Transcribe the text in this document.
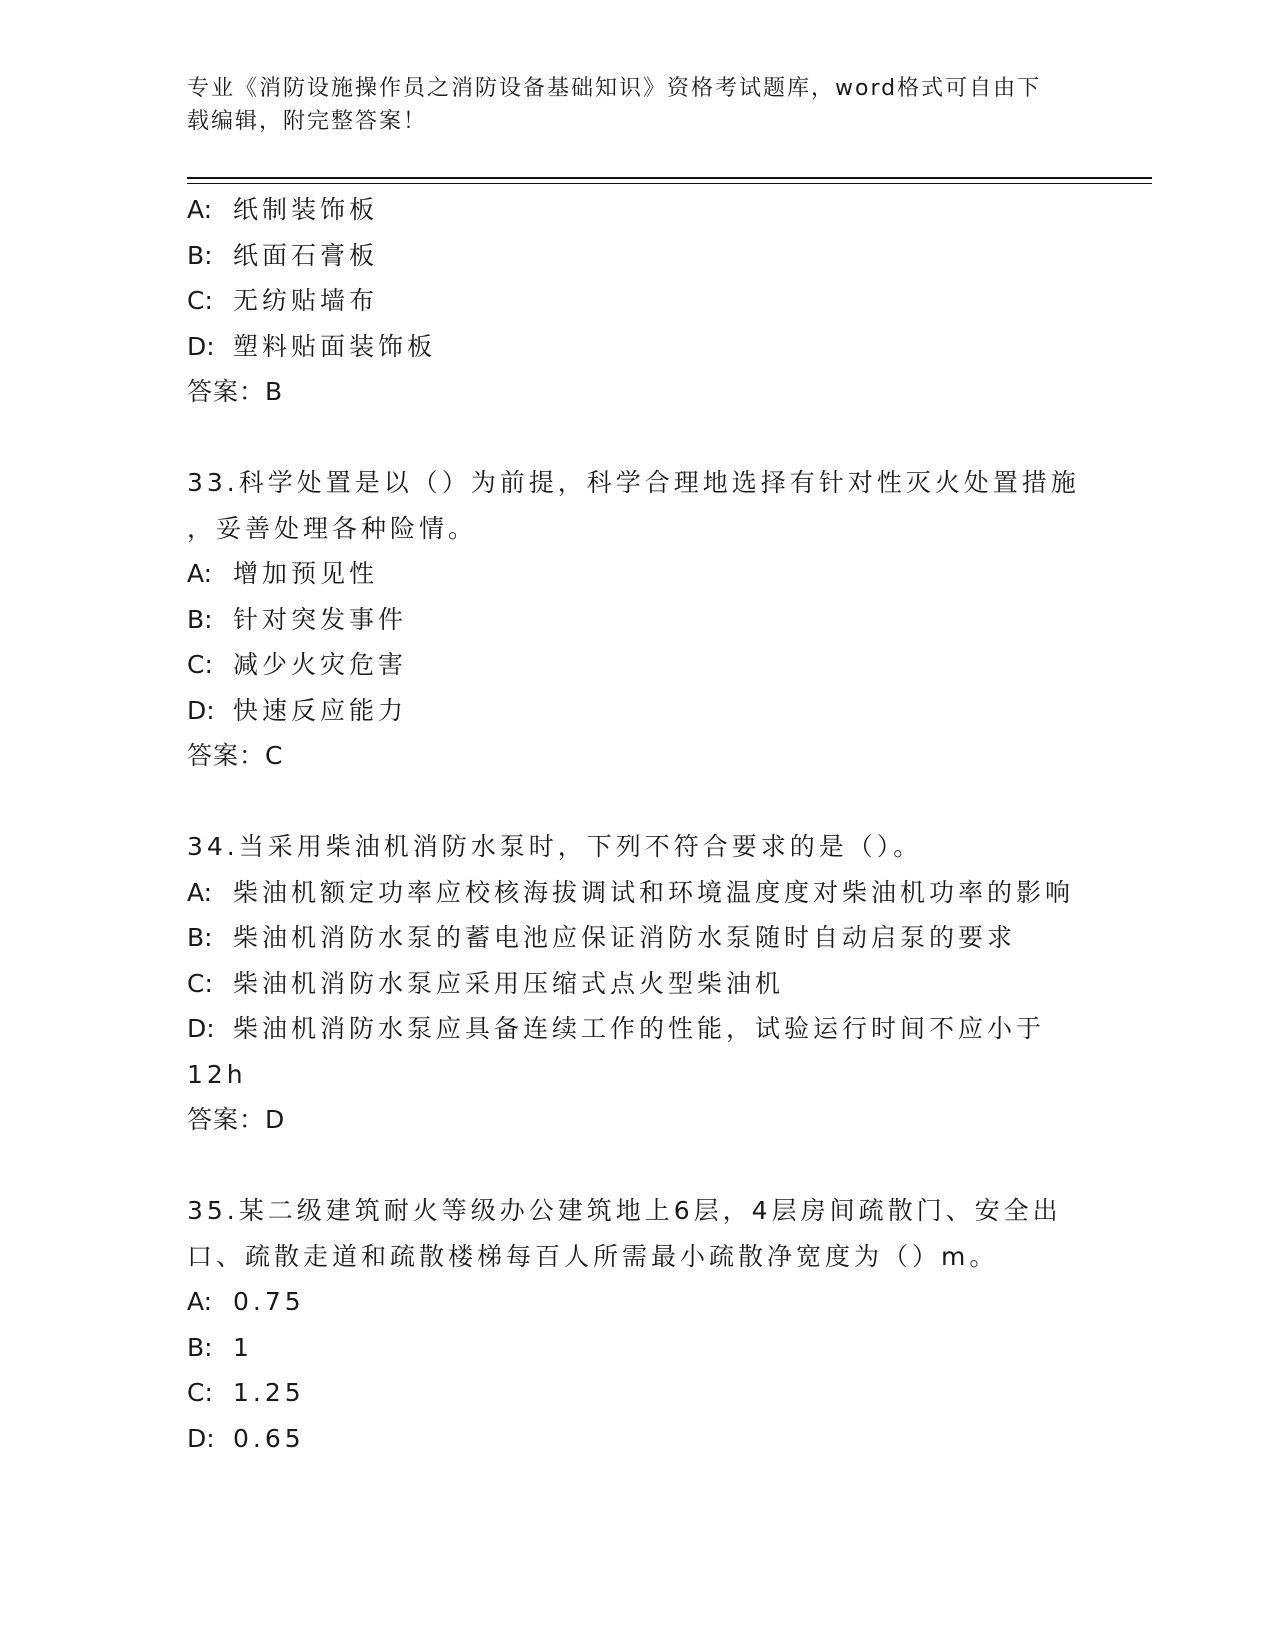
专业《消防设施操作员之消防设备基础知识》资格考试题库，word格式可自由下
载编辑，附完整答案！
A: 纸制装饰板
B: 纸面石膏板
C: 无纺贴墙布
D: 塑料贴面装饰板
答案：B
33.科学处置是以（）为前提，科学合理地选择有针对性灭火处置措施
，妥善处理各种险情。
A: 增加预见性
B: 针对突发事件
C: 减少火灾危害
D: 快速反应能力
答案：C
34.当采用柴油机消防水泵时，下列不符合要求的是（）。
A: 柴油机额定功率应校核海拔调试和环境温度度对柴油机功率的影响
B: 柴油机消防水泵的蓄电池应保证消防水泵随时自动启泵的要求
C: 柴油机消防水泵应采用压缩式点火型柴油机
D: 柴油机消防水泵应具备连续工作的性能，试验运行时间不应小于
12h
答案：D
35.某二级建筑耐火等级办公建筑地上6层，4层房间疏散门、安全出
口、疏散走道和疏散楼梯每百人所需最小疏散净宽度为（）m。
A: 0.75
B: 1
C: 1.25
D: 0.65
